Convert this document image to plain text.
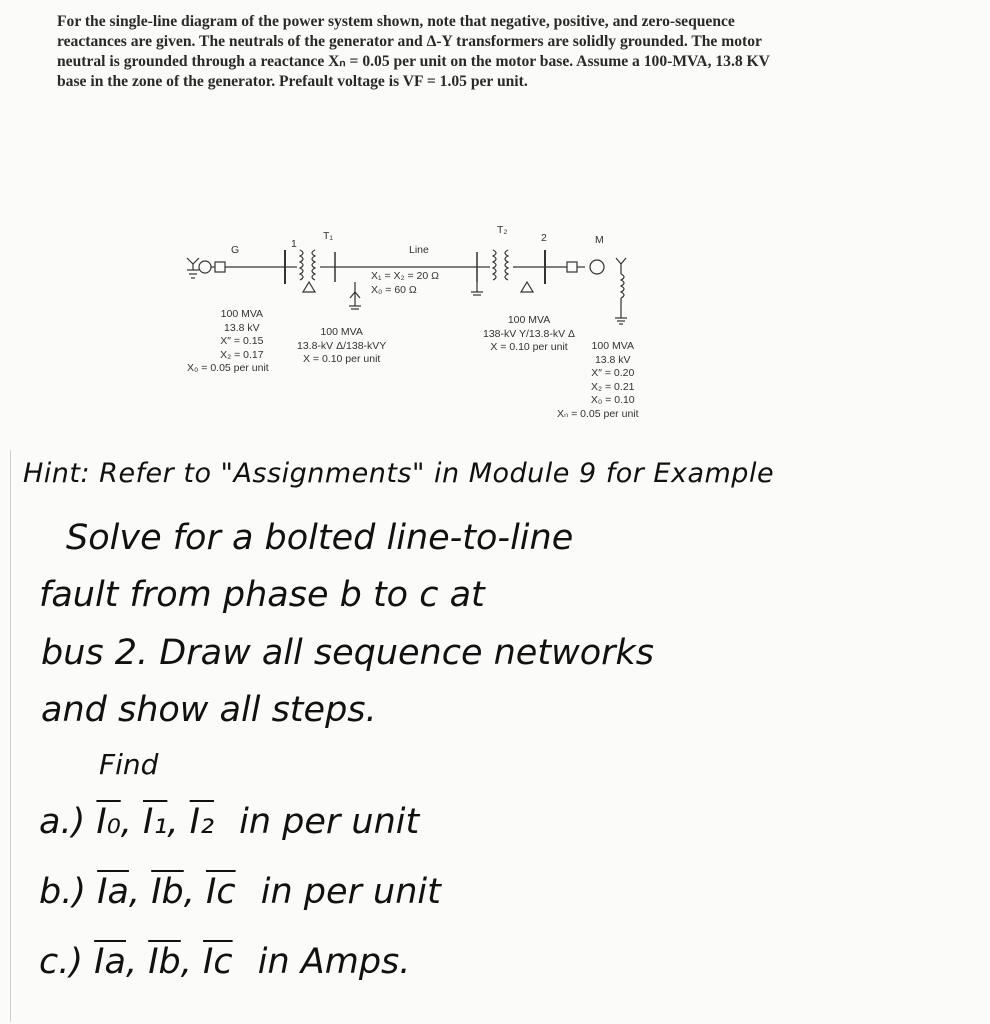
For the single-line diagram of the power system shown, note that negative, positive, and zero-sequence reactances are given. The neutrals of the generator and Δ-Y transformers are solidly grounded. The motor neutral is grounded through a reactance Xₙ = 0.05 per unit on the motor base. Assume a 100-MVA, 13.8 KV base in the zone of the generator. Prefault voltage is VF = 1.05 per unit.

G	1
T₁
Line
X₁ = X₂ = 20 Ω
X₀ = 60 Ω
T₂
2	M
100 MVA
13.8 kV
X″ = 0.15
X₂ = 0.17
X₀ = 0.05 per unit
100 MVA
13.8-kV Δ/138-kVY
X = 0.10 per unit
100 MVA
138-kV Y/13.8-kV Δ
X = 0.10 per unit	100 MVA
13.8 kV
X″ = 0.20
X₂ = 0.21
X₀ = 0.10
Xₙ = 0.05 per unit
Hint: Refer to "Assignments" in Module 9 for Example
Solve for a bolted line-to-line
fault from phase b to c at
bus 2. Draw all sequence networks
and show all steps.
Find
a.) I₀, I₁, I₂ in per unit
b.) $\overline{Ia}$, $\overline{Ib}$, $\overline{Ic}$ in per unit
c.) $\overline{Ia}$, $\overline{Ib}$, $\overline{Ic}$ in Amps.
